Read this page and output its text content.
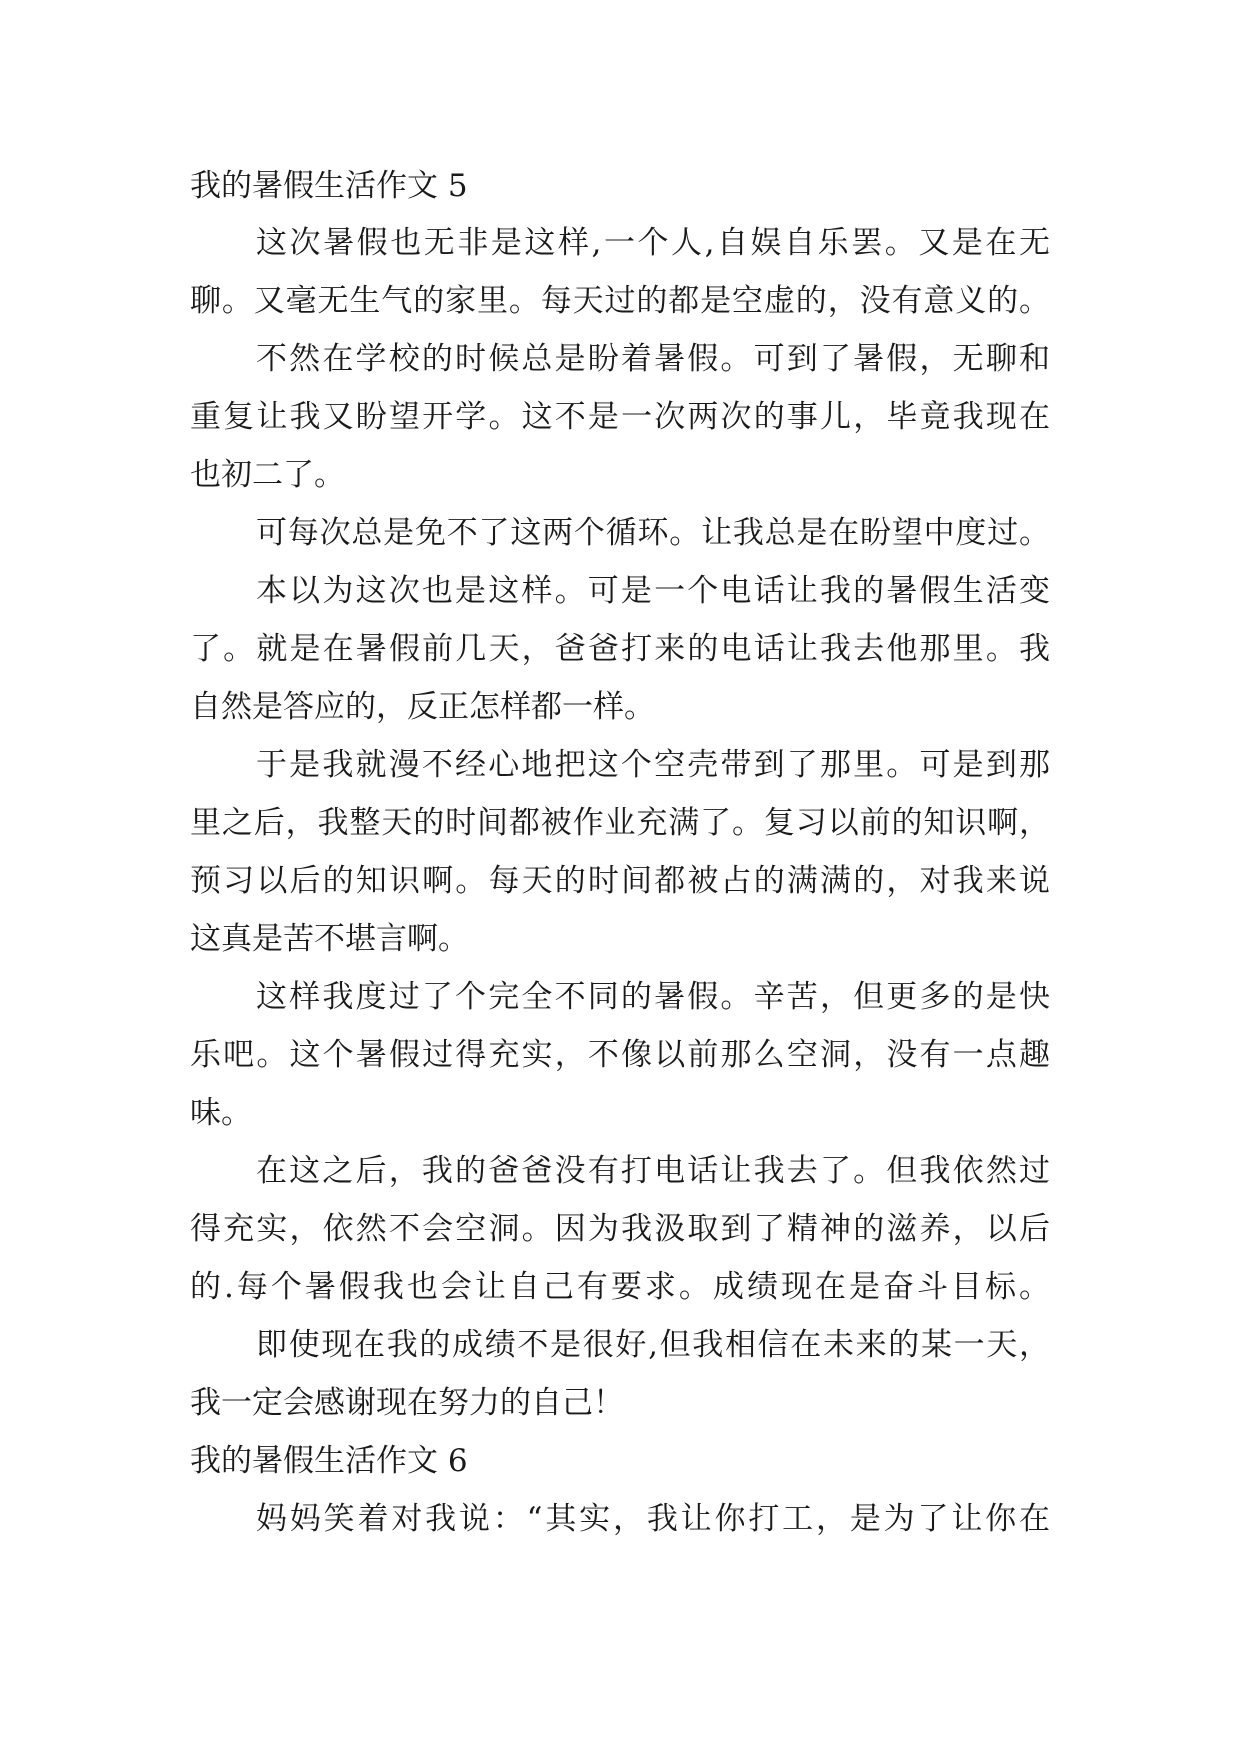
我的暑假生活作文 5
这次暑假也无非是这样,一个人,自娱自乐罢。又是在无
聊。又毫无生气的家里。每天过的都是空虚的，没有意义的。
不然在学校的时候总是盼着暑假。可到了暑假，无聊和
重复让我又盼望开学。这不是一次两次的事儿，毕竟我现在
也初二了。
可每次总是免不了这两个循环。让我总是在盼望中度过。
本以为这次也是这样。可是一个电话让我的暑假生活变
了。就是在暑假前几天，爸爸打来的电话让我去他那里。我
自然是答应的，反正怎样都一样。
于是我就漫不经心地把这个空壳带到了那里。可是到那
里之后，我整天的时间都被作业充满了。复习以前的知识啊，
预习以后的知识啊。每天的时间都被占的满满的，对我来说
这真是苦不堪言啊。
这样我度过了个完全不同的暑假。辛苦，但更多的是快
乐吧。这个暑假过得充实，不像以前那么空洞，没有一点趣
味。
在这之后，我的爸爸没有打电话让我去了。但我依然过
得充实，依然不会空洞。因为我汲取到了精神的滋养，以后
的.每个暑假我也会让自己有要求。成绩现在是奋斗目标。
即使现在我的成绩不是很好,但我相信在未来的某一天，
我一定会感谢现在努力的自己！
我的暑假生活作文 6
妈妈笑着对我说：“其实，我让你打工，是为了让你在
